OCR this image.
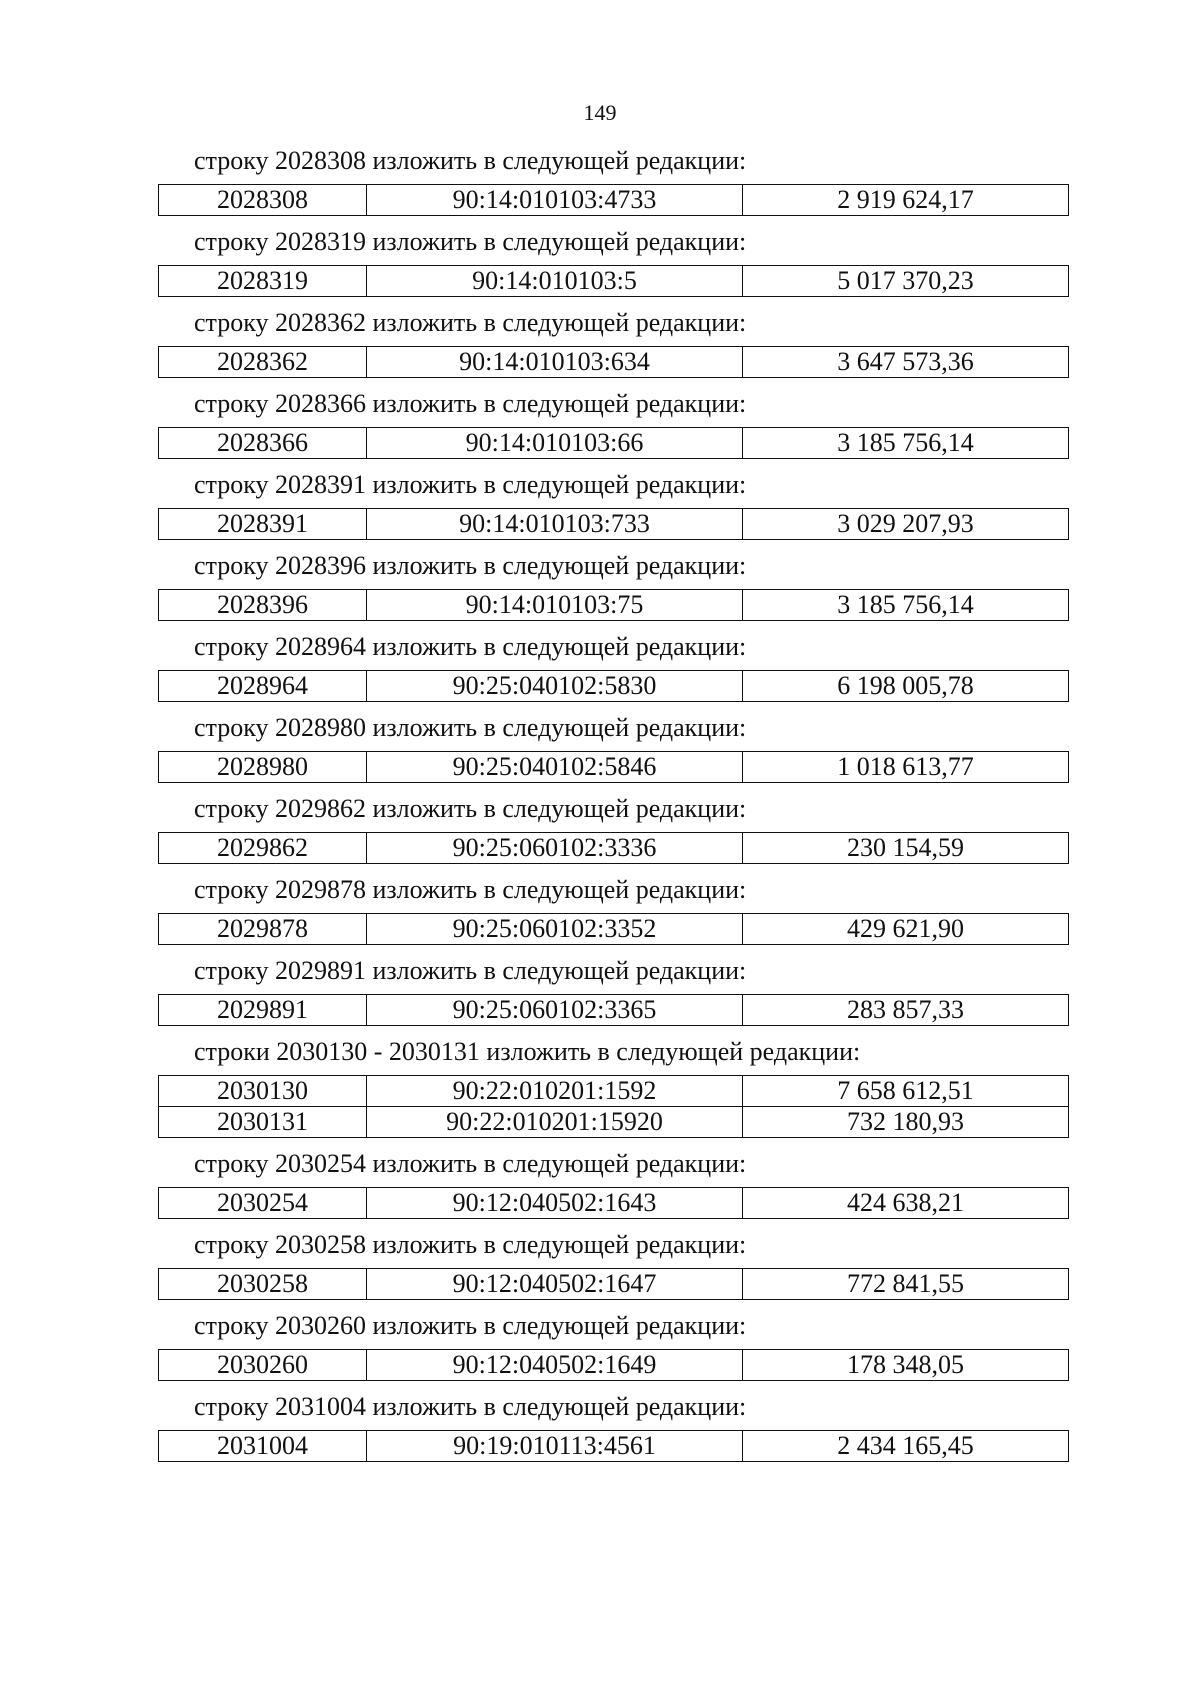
149
строку 2028308 изложить в следующей редакции:
2028308	90:14:010103:4733	2 919 624,17
строку 2028319 изложить в следующей редакции:
2028319	90:14:010103:5	5 017 370,23
строку 2028362 изложить в следующей редакции:
2028362	90:14:010103:634	3 647 573,36
строку 2028366 изложить в следующей редакции:
2028366	90:14:010103:66	3 185 756,14
строку 2028391 изложить в следующей редакции:
2028391	90:14:010103:733	3 029 207,93
строку 2028396 изложить в следующей редакции:
2028396	90:14:010103:75	3 185 756,14
строку 2028964 изложить в следующей редакции:
2028964	90:25:040102:5830	6 198 005,78
строку 2028980 изложить в следующей редакции:
2028980	90:25:040102:5846	1 018 613,77
строку 2029862 изложить в следующей редакции:
2029862	90:25:060102:3336	230 154,59
строку 2029878 изложить в следующей редакции:
2029878	90:25:060102:3352	429 621,90
строку 2029891 изложить в следующей редакции:
2029891	90:25:060102:3365	283 857,33
строки 2030130 - 2030131 изложить в следующей редакции:
2030130	90:22:010201:1592	7 658 612,51
2030131	90:22:010201:15920	732 180,93
строку 2030254 изложить в следующей редакции:
2030254	90:12:040502:1643	424 638,21
строку 2030258 изложить в следующей редакции:
2030258	90:12:040502:1647	772 841,55
строку 2030260 изложить в следующей редакции:
2030260	90:12:040502:1649	178 348,05
строку 2031004 изложить в следующей редакции:
2031004	90:19:010113:4561	2 434 165,45
